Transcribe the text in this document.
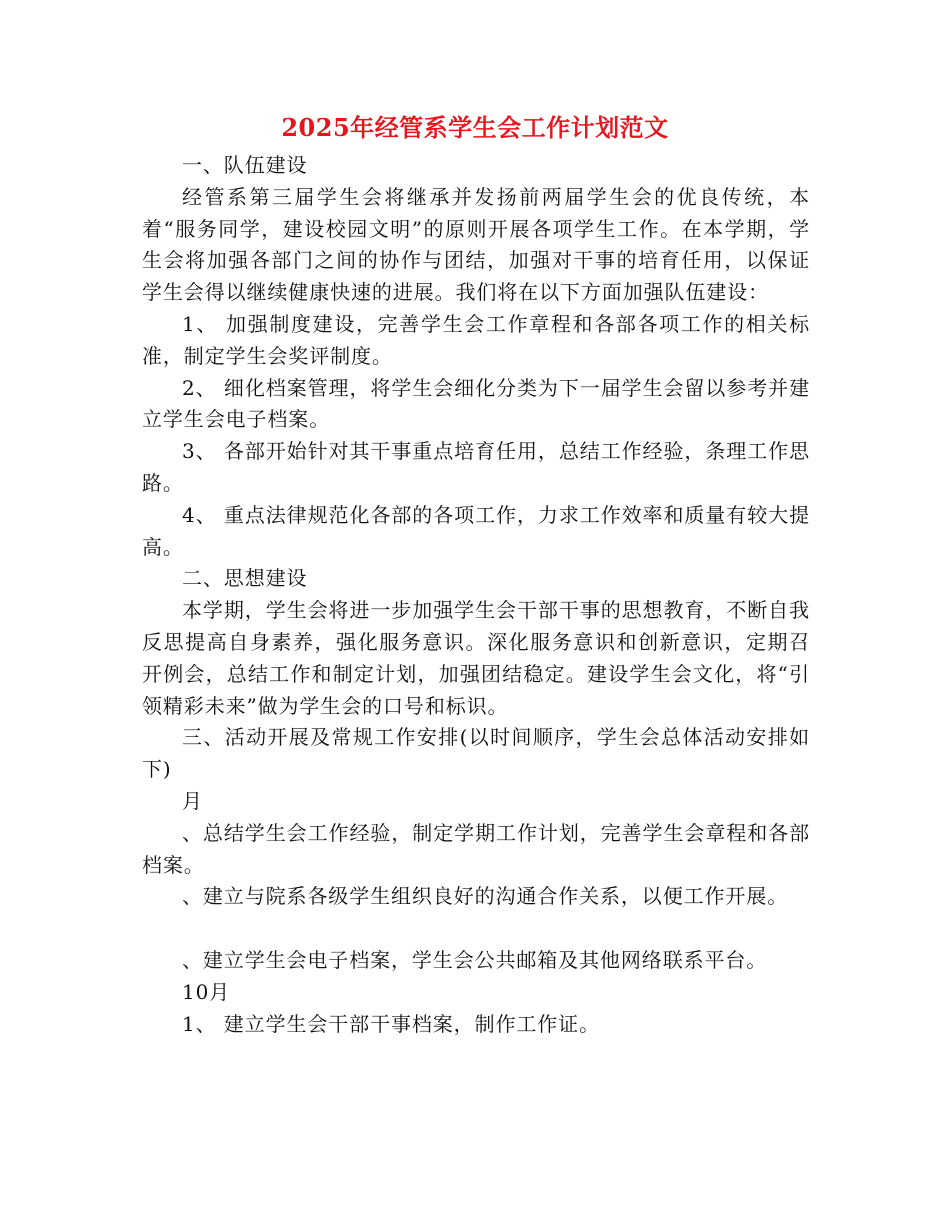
2025年经管系学生会工作计划范文

一、队伍建设

经管系第三届学生会将继承并发扬前两届学生会的优良传统，本着“服务同学，建设校园文明”的原则开展各项学生工作。在本学期，学生会将加强各部门之间的协作与团结，加强对干事的培育任用，以保证学生会得以继续健康快速的进展。我们将在以下方面加强队伍建设：

1、 加强制度建设，完善学生会工作章程和各部各项工作的相关标准，制定学生会奖评制度。

2、 细化档案管理，将学生会细化分类为下一届学生会留以参考并建立学生会电子档案。

3、 各部开始针对其干事重点培育任用，总结工作经验，条理工作思路。

4、 重点法律规范化各部的各项工作，力求工作效率和质量有较大提高。

二、思想建设

本学期，学生会将进一步加强学生会干部干事的思想教育，不断自我反思提高自身素养，强化服务意识。深化服务意识和创新意识，定期召开例会，总结工作和制定计划，加强团结稳定。建设学生会文化，将“引领精彩未来”做为学生会的口号和标识。

三、活动开展及常规工作安排(以时间顺序，学生会总体活动安排如下)

月

、总结学生会工作经验，制定学期工作计划，完善学生会章程和各部档案。

、建立与院系各级学生组织良好的沟通合作关系，以便工作开展。

、建立学生会电子档案，学生会公共邮箱及其他网络联系平台。

10月

1、 建立学生会干部干事档案，制作工作证。
